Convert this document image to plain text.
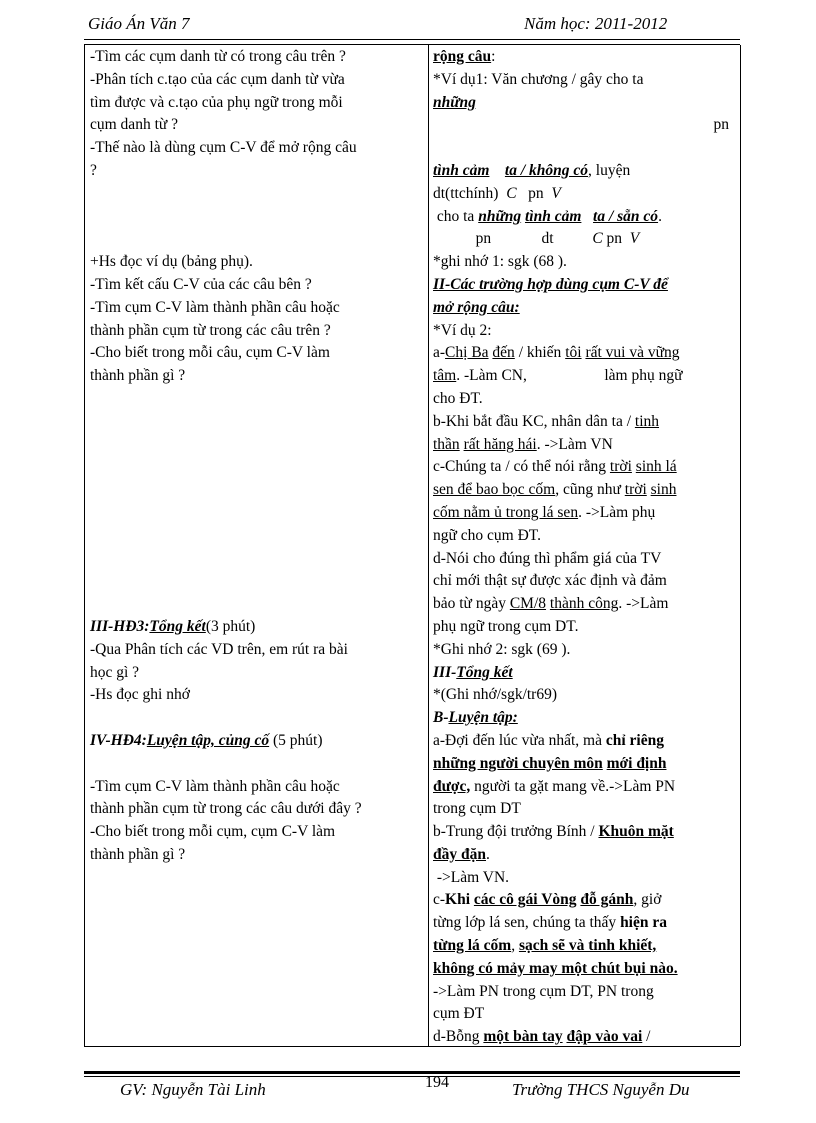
Giáo Án Văn 7	Năm học: 2011-2012
-Tìm các cụm danh từ có trong câu trên ?
-Phân tích c.tạo của các cụm danh từ vừa
tìm được và c.tạo của phụ ngữ trong mỗi
cụm danh từ ?
-Thế nào là dùng cụm C-V để mở rộng câu
?
+Hs đọc ví dụ (bảng phụ).
-Tìm kết cấu C-V của các câu bên ?
-Tìm cụm C-V làm thành phần câu hoặc
thành phần cụm từ trong các câu trên ?
-Cho biết trong mỗi câu, cụm C-V làm
thành phần gì ?
III-HĐ3:Tổng kết(3 phút)
-Qua Phân tích các VD trên, em rút ra bài
học gì ?
-Hs đọc ghi nhớ
IV-HĐ4:Luyện tập, củng cố (5 phút)
-Tìm cụm C-V làm thành phần câu hoặc
thành phần cụm từ trong các câu dưới đây ?
-Cho biết trong mỗi cụm, cụm C-V làm
thành phần gì ?
rộng câu:
*Ví dụ1: Văn chương / gây cho ta
những
pn
tình cảm ta / không có, luyện
dt(ttchính) C pn V
cho ta những tình cảm ta / sẵn có.
pn	dt	C pn V
*ghi nhớ 1: sgk (68 ).
II-Các trường hợp dùng cụm C-V để
mở rộng câu:
*Ví dụ 2:
a-Chị Ba đến / khiến tôi rất vui và vững
tâm. -Làm CN,	làm phụ ngữ
cho ĐT.
b-Khi bắt đầu KC, nhân dân ta / tinh
thần rất hăng hái. ->Làm VN
c-Chúng ta / có thể nói rằng trời sinh lá
sen để bao bọc cốm, cũng như trời sinh
cốm nằm ủ trong lá sen. ->Làm phụ
ngữ cho cụm ĐT.
d-Nói cho đúng thì phẩm giá của TV
chỉ mới thật sự được xác định và đảm
bảo từ ngày CM/8 thành công. ->Làm
phụ ngữ trong cụm DT.
*Ghi nhớ 2: sgk (69 ).
III-Tổng kết
*(Ghi nhớ/sgk/tr69)
B-Luyện tập:
a-Đợi đến lúc vừa nhất, mà chỉ riêng
những người chuyên môn mới định
được, người ta gặt mang về.->Làm PN
trong cụm DT
b-Trung đội trưởng Bính / Khuôn mặt
đầy đặn.
->Làm VN.
c-Khi các cô gái Vòng đỗ gánh, giở
từng lớp lá sen, chúng ta thấy hiện ra
từng lá cốm, sạch sẽ và tinh khiết,
không có mảy may một chút bụi nào.
->Làm PN trong cụm DT, PN trong
cụm ĐT
d-Bỗng một bàn tay đập vào vai /
GV: Nguyễn Tài Linh	194	Trường THCS Nguyễn Du
